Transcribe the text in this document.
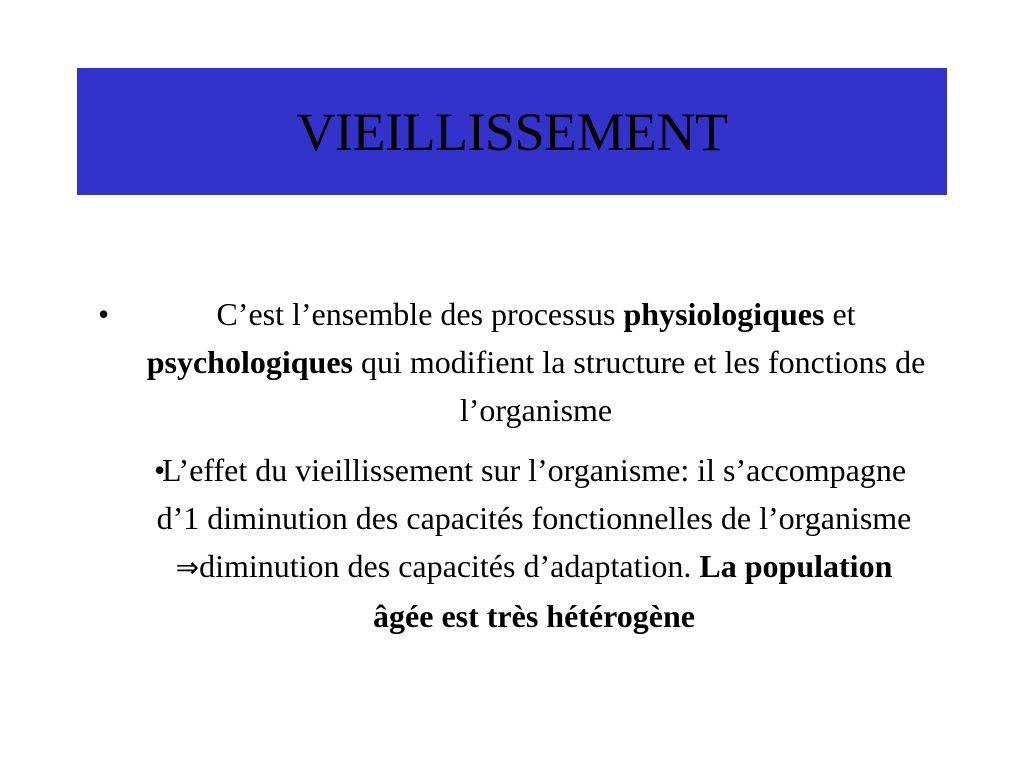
VIEILLISSEMENT

•	C’est l’ensemble des processus physiologiques et psychologiques qui modifient la structure et les fonctions de l’organisme

•
L’effet du vieillissement sur l’organisme: il s’accompagne d’1 diminution des capacités fonctionnelles de l’organisme ⇒diminution des capacités d’adaptation. La population âgée est très hétérogène
